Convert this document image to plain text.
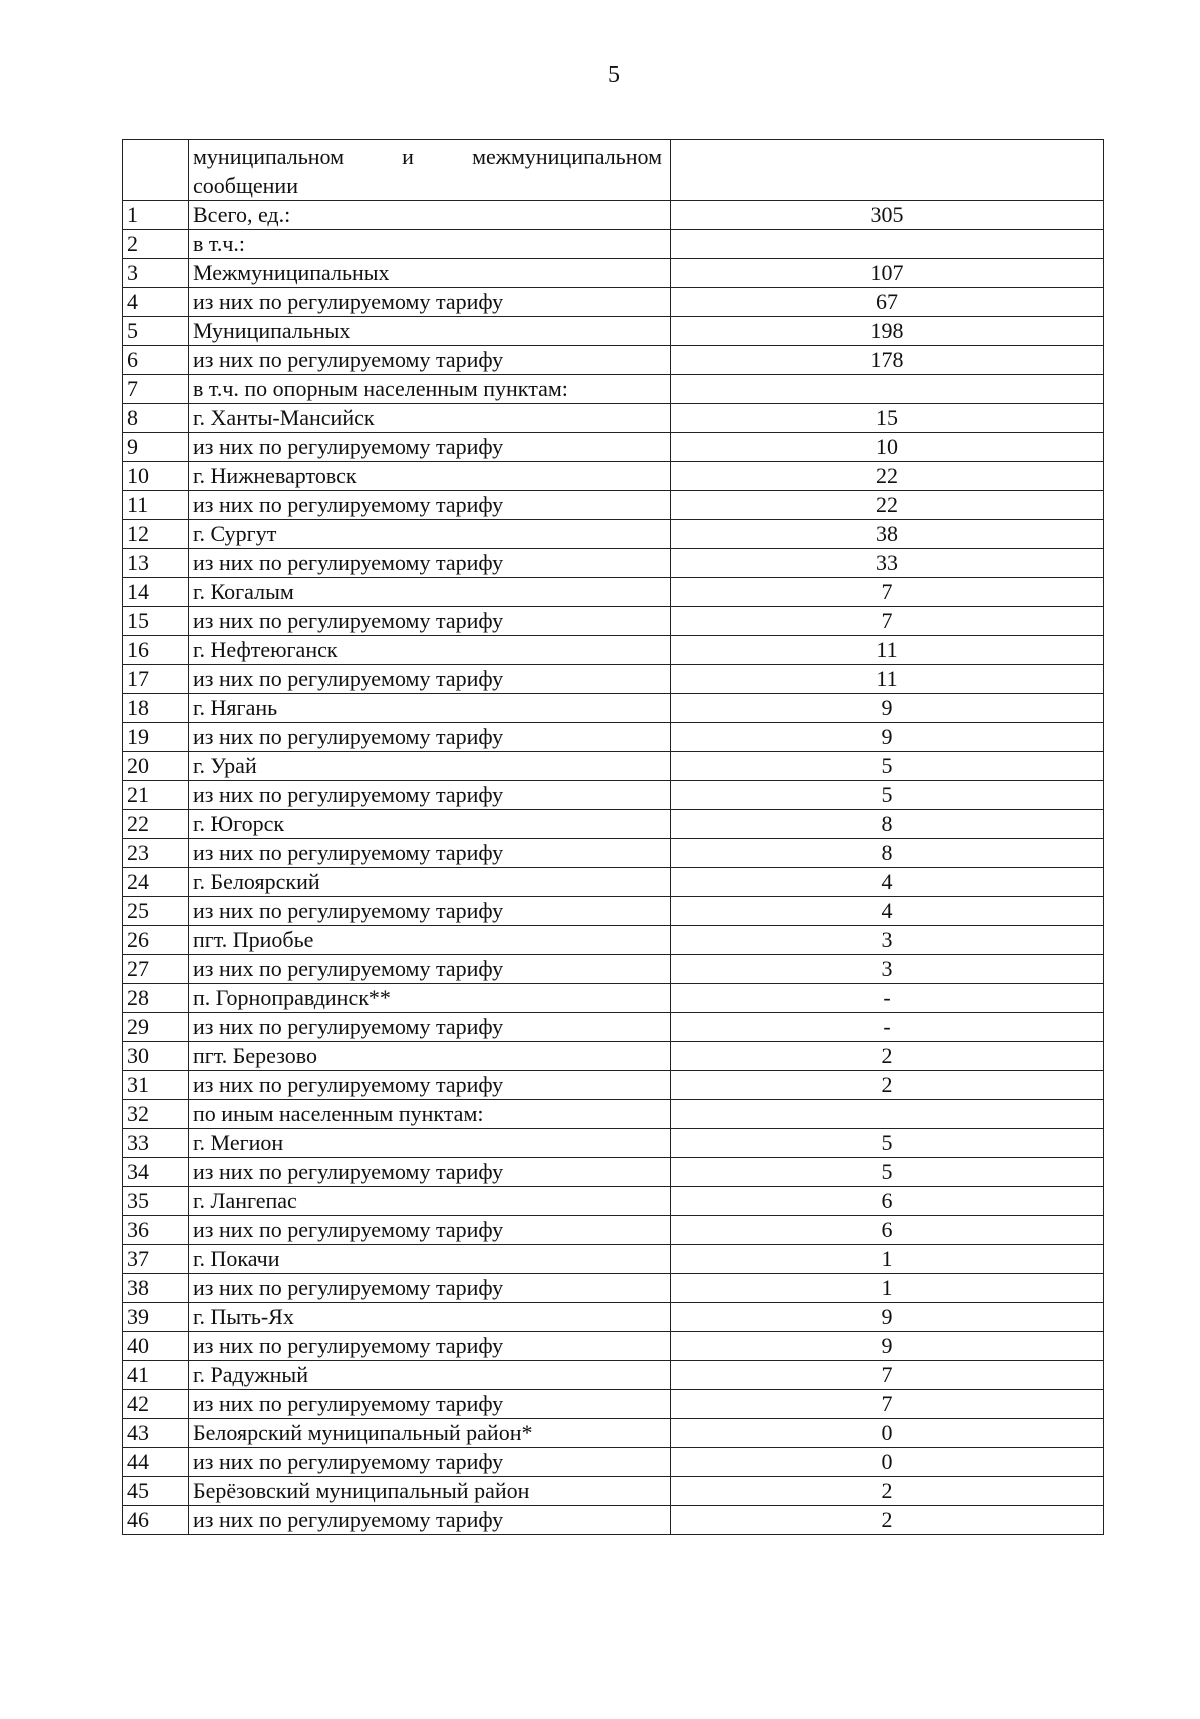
5

	муниципальном и межмуниципальном
сообщении	

1	Всего, ед.:	305
2	в т.ч.:	
3	Межмуниципальных	107
4	из них по регулируемому тарифу	67
5	Муниципальных	198
6	из них по регулируемому тарифу	178
7	в т.ч. по опорным населенным пунктам:	
8	г. Ханты-Мансийск	15
9	из них по регулируемому тарифу	10
10	г. Нижневартовск	22
11	из них по регулируемому тарифу	22
12	г. Сургут	38
13	из них по регулируемому тарифу	33
14	г. Когалым	7
15	из них по регулируемому тарифу	7
16	г. Нефтеюганск	11
17	из них по регулируемому тарифу	11
18	г. Нягань	9
19	из них по регулируемому тарифу	9
20	г. Урай	5
21	из них по регулируемому тарифу	5
22	г. Югорск	8
23	из них по регулируемому тарифу	8
24	г. Белоярский	4
25	из них по регулируемому тарифу	4
26	пгт. Приобье	3
27	из них по регулируемому тарифу	3
28	п. Горноправдинск**	-
29	из них по регулируемому тарифу	-
30	пгт. Березово	2
31	из них по регулируемому тарифу	2
32	по иным населенным пунктам:	
33	г. Мегион	5
34	из них по регулируемому тарифу	5
35	г. Лангепас	6
36	из них по регулируемому тарифу	6
37	г. Покачи	1
38	из них по регулируемому тарифу	1
39	г. Пыть-Ях	9
40	из них по регулируемому тарифу	9
41	г. Радужный	7
42	из них по регулируемому тарифу	7
43	Белоярский муниципальный район*	0
44	из них по регулируемому тарифу	0
45	Берёзовский муниципальный район	2
46	из них по регулируемому тарифу	2
